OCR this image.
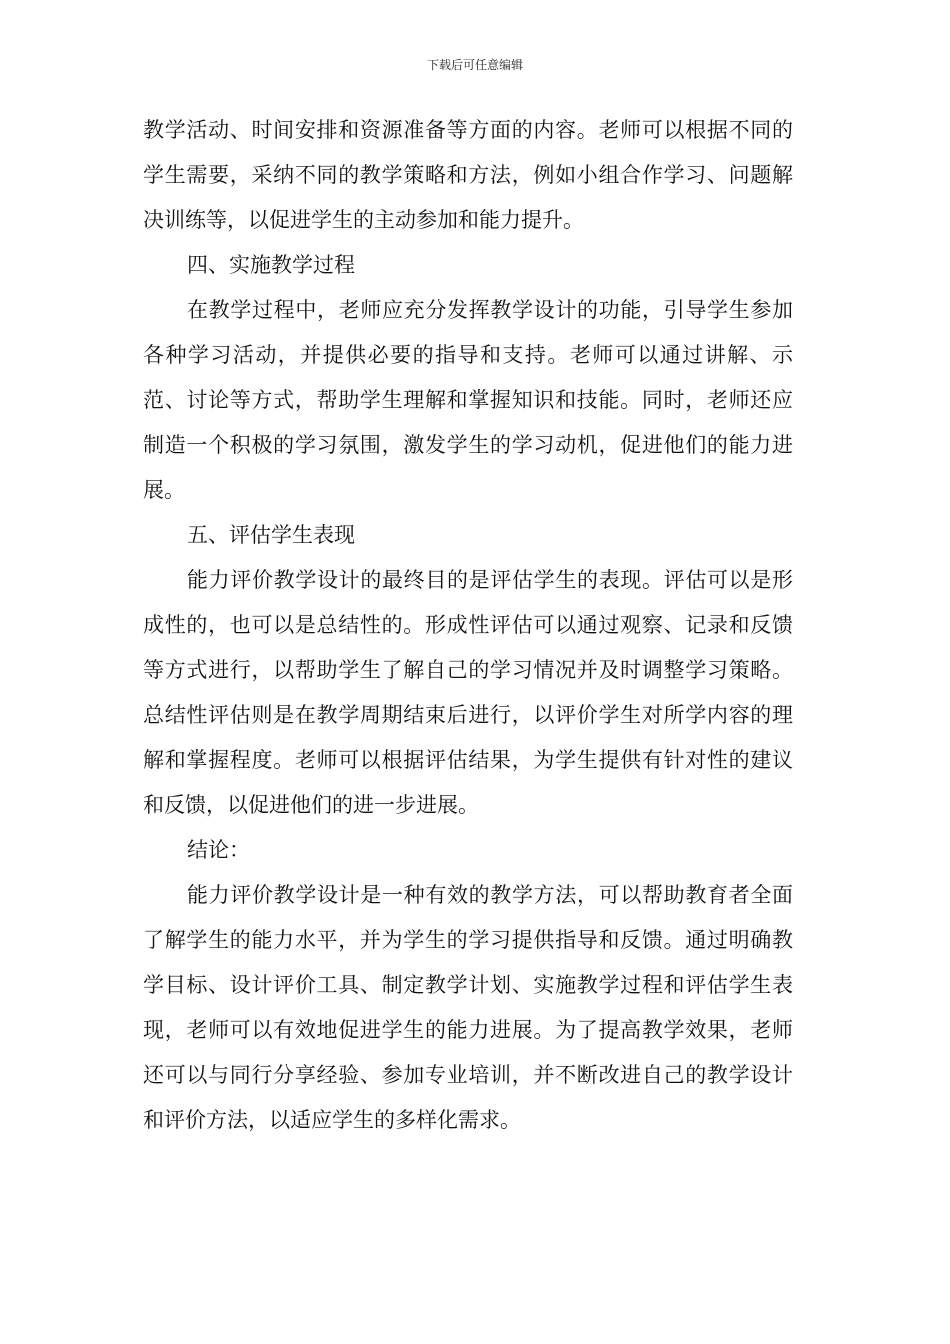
下载后可任意编辑

教学活动、时间安排和资源准备等方面的内容。老师可以根据不同的学生需要，采纳不同的教学策略和方法，例如小组合作学习、问题解决训练等，以促进学生的主动参加和能力提升。

四、实施教学过程

在教学过程中，老师应充分发挥教学设计的功能，引导学生参加各种学习活动，并提供必要的指导和支持。老师可以通过讲解、示范、讨论等方式，帮助学生理解和掌握知识和技能。同时，老师还应制造一个积极的学习氛围，激发学生的学习动机，促进他们的能力进展。

五、评估学生表现

能力评价教学设计的最终目的是评估学生的表现。评估可以是形成性的，也可以是总结性的。形成性评估可以通过观察、记录和反馈等方式进行，以帮助学生了解自己的学习情况并及时调整学习策略。总结性评估则是在教学周期结束后进行，以评价学生对所学内容的理解和掌握程度。老师可以根据评估结果，为学生提供有针对性的建议和反馈，以促进他们的进一步进展。

结论：

能力评价教学设计是一种有效的教学方法，可以帮助教育者全面了解学生的能力水平，并为学生的学习提供指导和反馈。通过明确教学目标、设计评价工具、制定教学计划、实施教学过程和评估学生表现，老师可以有效地促进学生的能力进展。为了提高教学效果，老师还可以与同行分享经验、参加专业培训，并不断改进自己的教学设计和评价方法，以适应学生的多样化需求。
